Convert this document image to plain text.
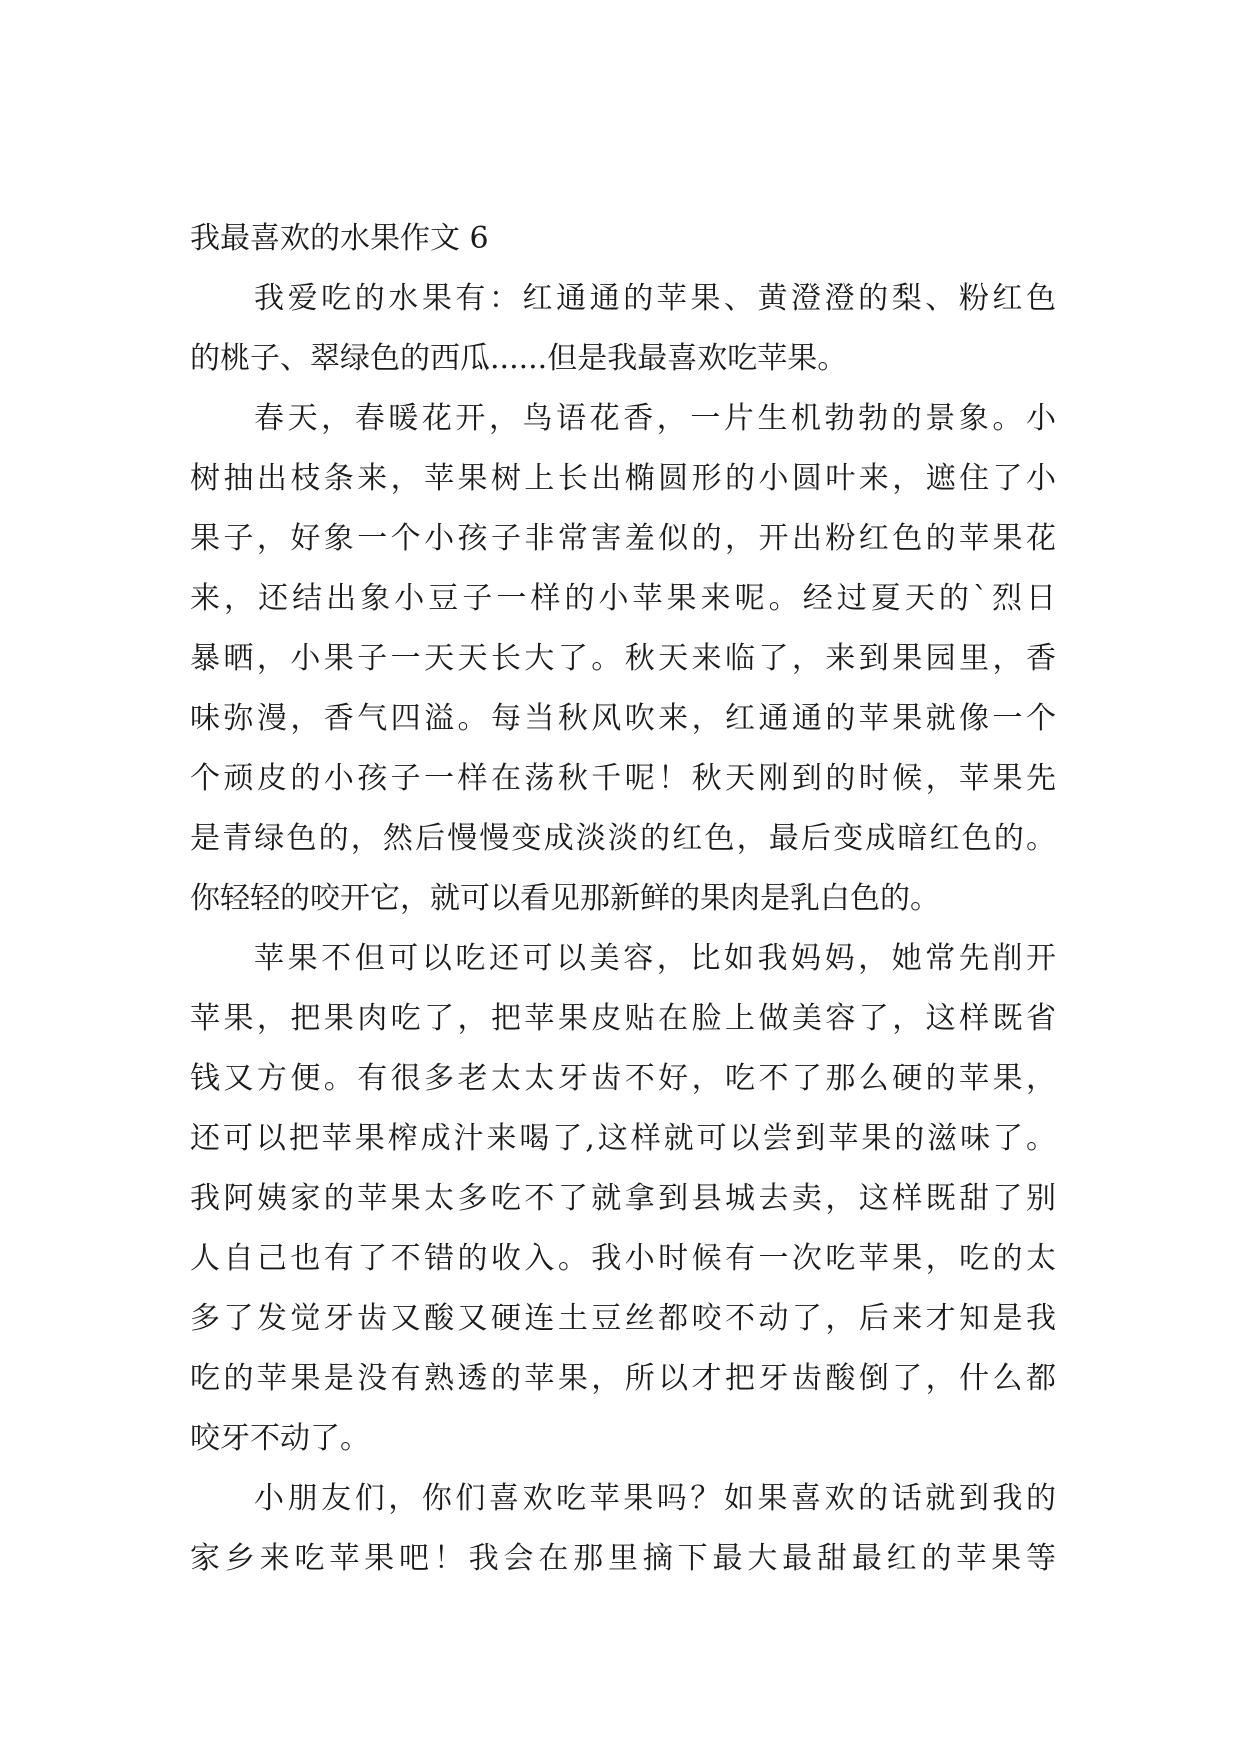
我最喜欢的水果作文 6
我爱吃的水果有：红通通的苹果、黄澄澄的梨、粉红色
的桃子、翠绿色的西瓜......但是我最喜欢吃苹果。
春天，春暖花开，鸟语花香，一片生机勃勃的景象。小
树抽出枝条来，苹果树上长出椭圆形的小圆叶来，遮住了小
果子，好象一个小孩子非常害羞似的，开出粉红色的苹果花
来，还结出象小豆子一样的小苹果来呢。经过夏天的`烈日
暴晒，小果子一天天长大了。秋天来临了，来到果园里，香
味弥漫，香气四溢。每当秋风吹来，红通通的苹果就像一个
个顽皮的小孩子一样在荡秋千呢！秋天刚到的时候，苹果先
是青绿色的，然后慢慢变成淡淡的红色，最后变成暗红色的。
你轻轻的咬开它，就可以看见那新鲜的果肉是乳白色的。
苹果不但可以吃还可以美容，比如我妈妈，她常先削开
苹果，把果肉吃了，把苹果皮贴在脸上做美容了，这样既省
钱又方便。有很多老太太牙齿不好，吃不了那么硬的苹果，
还可以把苹果榨成汁来喝了,这样就可以尝到苹果的滋味了。
我阿姨家的苹果太多吃不了就拿到县城去卖，这样既甜了别
人自己也有了不错的收入。我小时候有一次吃苹果，吃的太
多了发觉牙齿又酸又硬连土豆丝都咬不动了，后来才知是我
吃的苹果是没有熟透的苹果，所以才把牙齿酸倒了，什么都
咬牙不动了。
小朋友们，你们喜欢吃苹果吗？如果喜欢的话就到我的
家乡来吃苹果吧！我会在那里摘下最大最甜最红的苹果等
